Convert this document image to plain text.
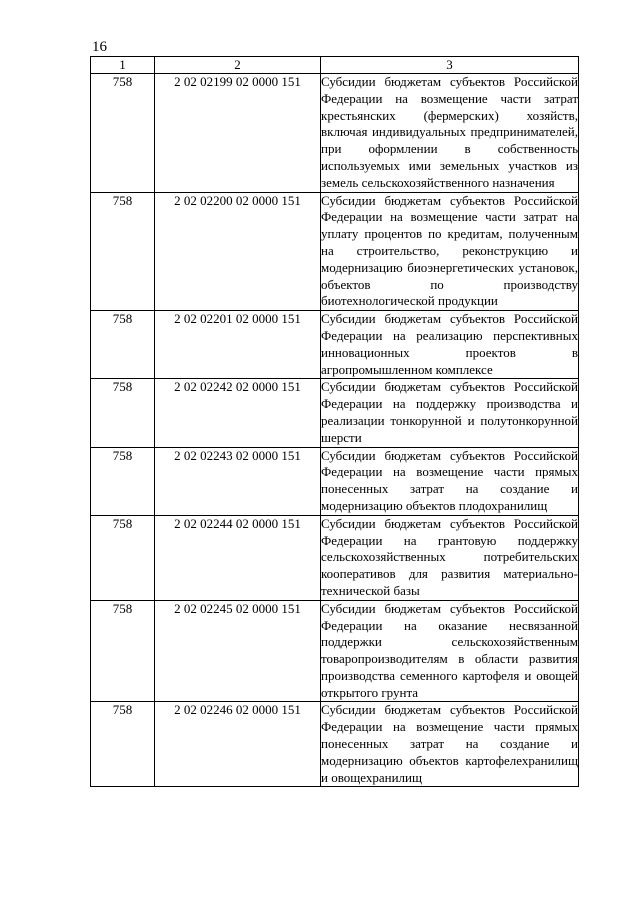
16
1	2	3
758	2 02 02199 02 0000 151	Субсидии бюджетам субъектов Российской Федерации на возмещение части затрат крестьянских (фермерских) хозяйств, включая индивидуальных предпринимателей, при оформлении в собственность используемых ими земельных участков из земель сельскохозяйственного назначения

758	2 02 02200 02 0000 151	Субсидии бюджетам субъектов Российской Федерации на возмещение части затрат на уплату процентов по кредитам, полученным на строительство, реконструкцию и модернизацию биоэнергетических установок, объектов по производству биотехнологической продукции

758	2 02 02201 02 0000 151	Субсидии бюджетам субъектов Российской Федерации на реализацию перспективных инновационных проектов в агропромышленном комплексе

758	2 02 02242 02 0000 151	Субсидии бюджетам субъектов Российской Федерации на поддержку производства и реализации тонкорунной и полутонкорунной шерсти

758	2 02 02243 02 0000 151	Субсидии бюджетам субъектов Российской Федерации на возмещение части прямых понесенных затрат на создание и модернизацию объектов плодохранилищ

758	2 02 02244 02 0000 151	Субсидии бюджетам субъектов Российской Федерации на грантовую поддержку сельскохозяйственных потребительских кооперативов для развития материально-технической базы

758	2 02 02245 02 0000 151	Субсидии бюджетам субъектов Российской Федерации на оказание несвязанной поддержки сельскохозяйственным товаропроизводителям в области развития производства семенного картофеля и овощей открытого грунта

758	2 02 02246 02 0000 151	Субсидии бюджетам субъектов Российской Федерации на возмещение части прямых понесенных затрат на создание и модернизацию объектов картофелехранилищ и овощехранилищ
